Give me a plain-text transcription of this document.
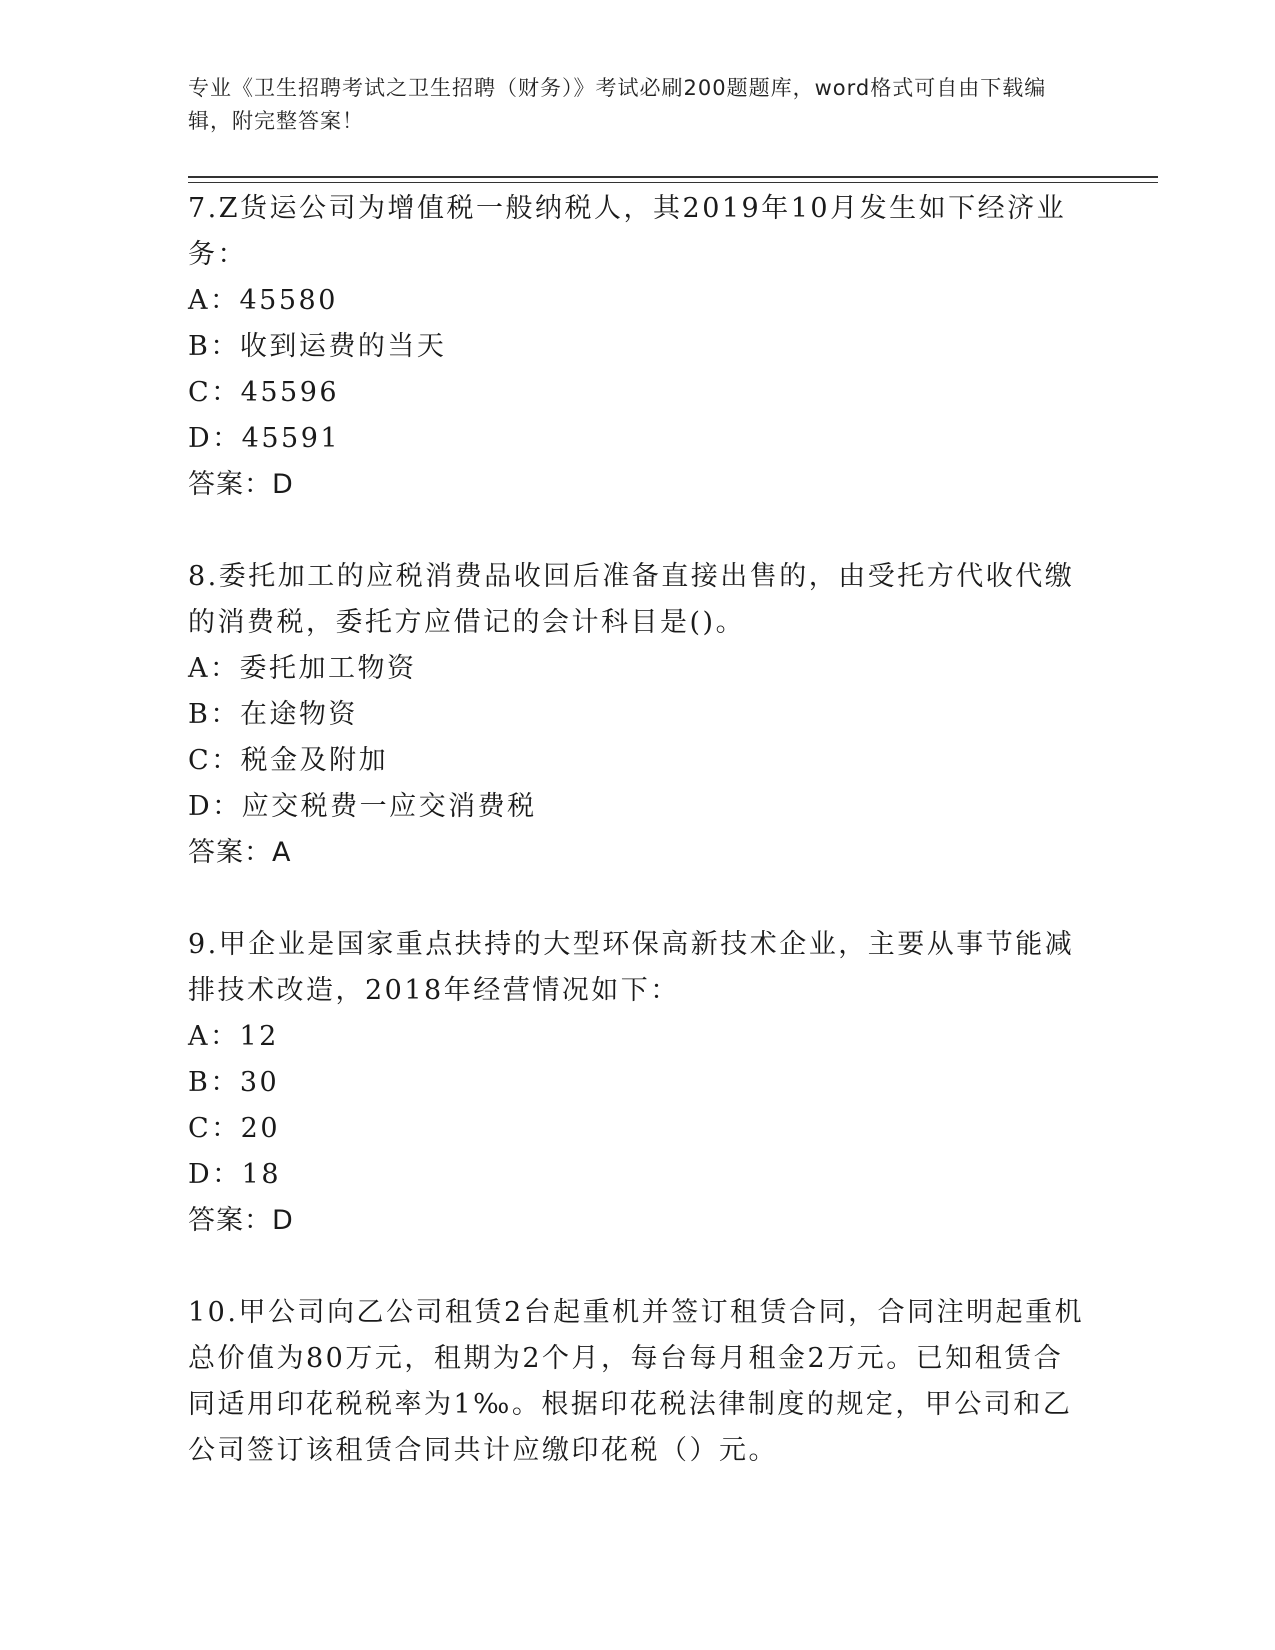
专业《卫生招聘考试之卫生招聘（财务）》考试必刷200题题库，word格式可自由下载编辑，附完整答案！

7.Z货运公司为增值税一般纳税人，其2019年10月发生如下经济业务：

A：45580

B：收到运费的当天

C：45596

D：45591

答案：D

8.委托加工的应税消费品收回后准备直接出售的，由受托方代收代缴的消费税，委托方应借记的会计科目是()。

A：委托加工物资

B：在途物资

C：税金及附加

D：应交税费一应交消费税

答案：A

9.甲企业是国家重点扶持的大型环保高新技术企业，主要从事节能减排技术改造，2018年经营情况如下：

A：12

B：30

C：20

D：18

答案：D

10.甲公司向乙公司租赁2台起重机并签订租赁合同，合同注明起重机总价值为80万元，租期为2个月，每台每月租金2万元。已知租赁合同适用印花税税率为1‰。根据印花税法律制度的规定，甲公司和乙公司签订该租赁合同共计应缴印花税（）元。
